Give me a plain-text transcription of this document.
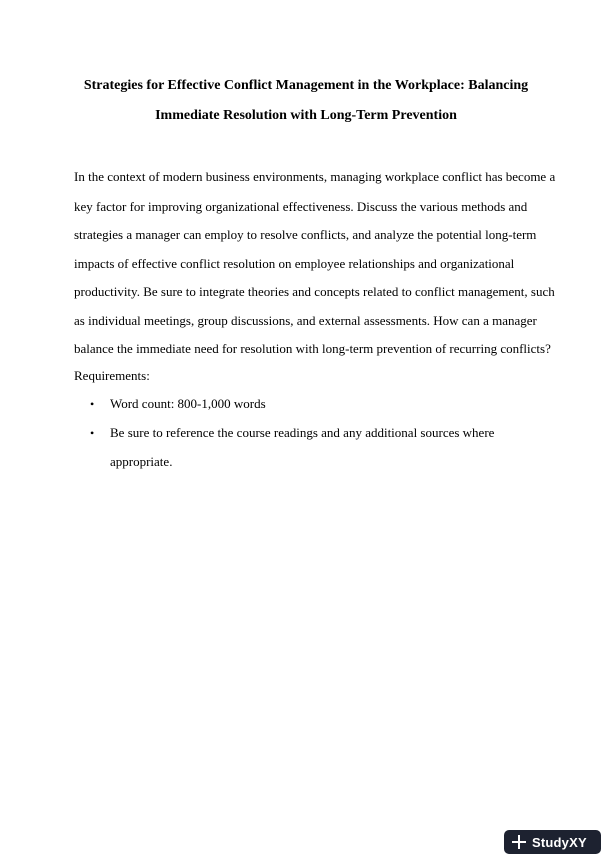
Strategies for Effective Conflict Management in the Workplace: Balancing
Immediate Resolution with Long-Term Prevention
In the context of modern business environments, managing workplace conflict has become a
key factor for improving organizational effectiveness. Discuss the various methods and
strategies a manager can employ to resolve conflicts, and analyze the potential long-term
impacts of effective conflict resolution on employee relationships and organizational
productivity. Be sure to integrate theories and concepts related to conflict management, such
as individual meetings, group discussions, and external assessments. How can a manager
balance the immediate need for resolution with long-term prevention of recurring conflicts?
Requirements:
• Word count: 800-1,000 words
• Be sure to reference the course readings and any additional sources where
appropriate.
StudyXY
